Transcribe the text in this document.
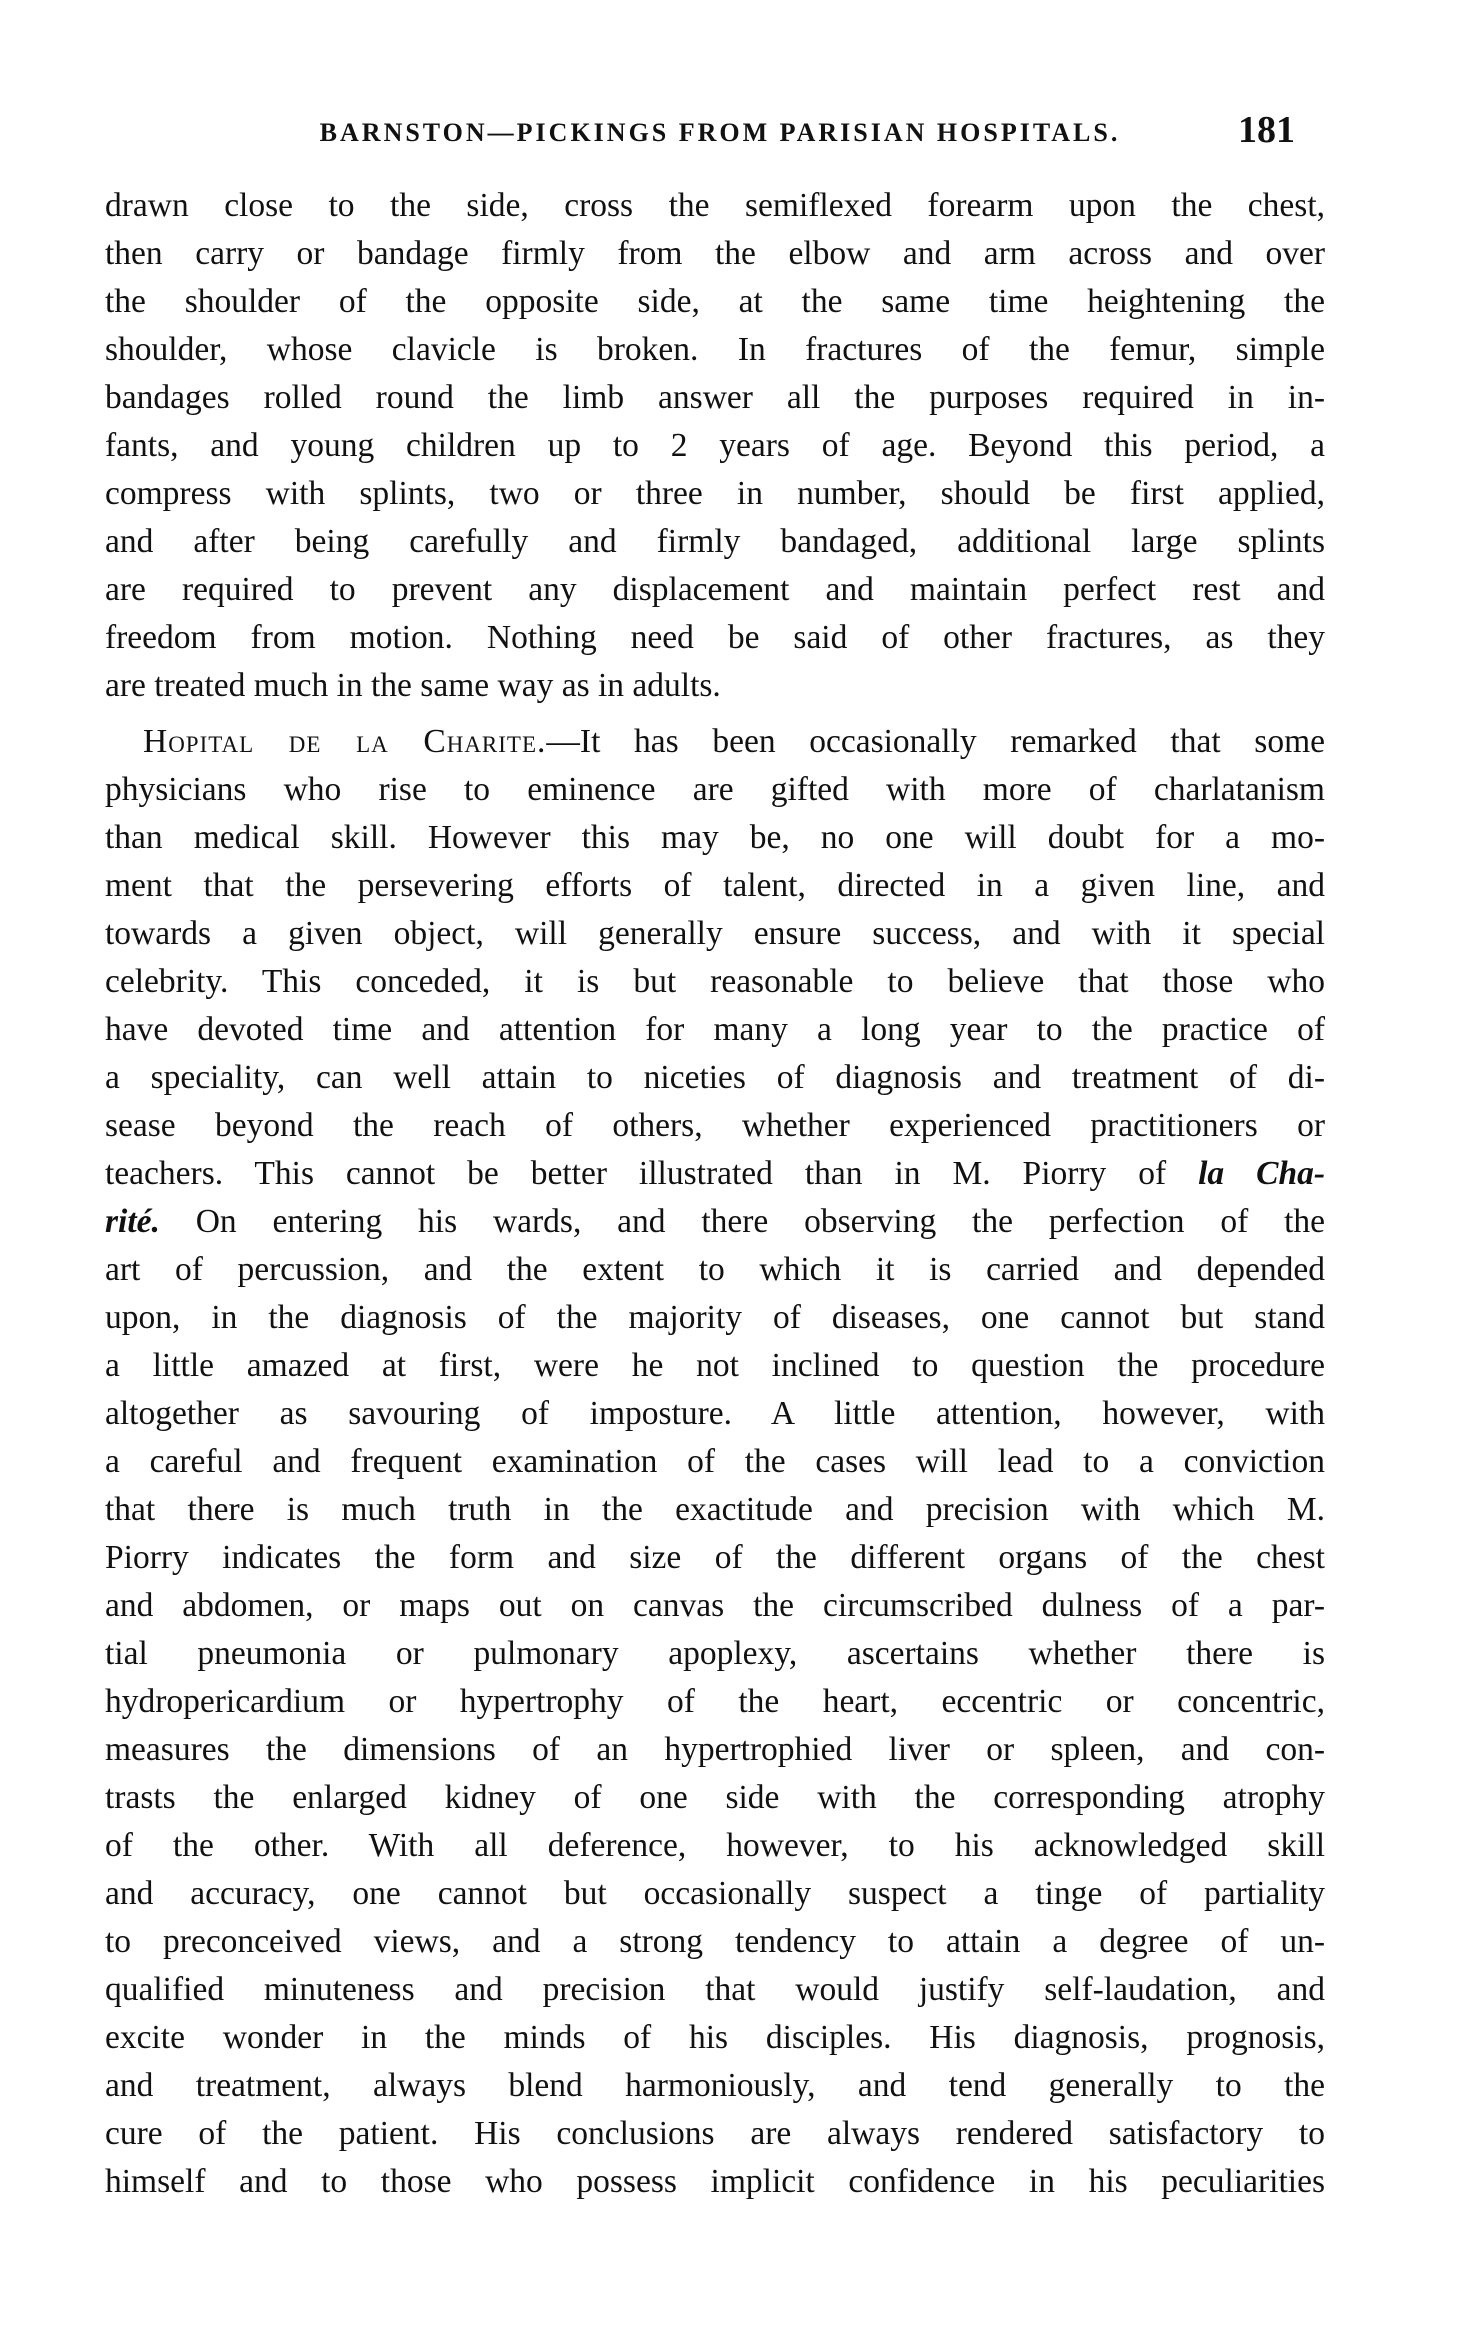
BARNSTON—PICKINGS FROM PARISIAN HOSPITALS.	181
drawn close to the side, cross the semiflexed forearm upon the chest,
then carry or bandage firmly from the elbow and arm across and over
the shoulder of the opposite side, at the same time heightening the
shoulder, whose clavicle is broken. In fractures of the femur, simple
bandages rolled round the limb answer all the purposes required in in-
fants, and young children up to 2 years of age. Beyond this period, a
compress with splints, two or three in number, should be first applied,
and after being carefully and firmly bandaged, additional large splints
are required to prevent any displacement and maintain perfect rest and
freedom from motion. Nothing need be said of other fractures, as they
are treated much in the same way as in adults.
Hopital de la Charite.—It has been occasionally remarked that some
physicians who rise to eminence are gifted with more of charlatanism
than medical skill. However this may be, no one will doubt for a mo-
ment that the persevering efforts of talent, directed in a given line, and
towards a given object, will generally ensure success, and with it special
celebrity. This conceded, it is but reasonable to believe that those who
have devoted time and attention for many a long year to the practice of
a speciality, can well attain to niceties of diagnosis and treatment of di-
sease beyond the reach of others, whether experienced practitioners or
teachers. This cannot be better illustrated than in M. Piorry of la Cha-
rité. On entering his wards, and there observing the perfection of the
art of percussion, and the extent to which it is carried and depended
upon, in the diagnosis of the majority of diseases, one cannot but stand
a little amazed at first, were he not inclined to question the procedure
altogether as savouring of imposture. A little attention, however, with
a careful and frequent examination of the cases will lead to a conviction
that there is much truth in the exactitude and precision with which M.
Piorry indicates the form and size of the different organs of the chest
and abdomen, or maps out on canvas the circumscribed dulness of a par-
tial pneumonia or pulmonary apoplexy, ascertains whether there is
hydropericardium or hypertrophy of the heart, eccentric or concentric,
measures the dimensions of an hypertrophied liver or spleen, and con-
trasts the enlarged kidney of one side with the corresponding atrophy
of the other. With all deference, however, to his acknowledged skill
and accuracy, one cannot but occasionally suspect a tinge of partiality
to preconceived views, and a strong tendency to attain a degree of un-
qualified minuteness and precision that would justify self-laudation, and
excite wonder in the minds of his disciples. His diagnosis, prognosis,
and treatment, always blend harmoniously, and tend generally to the
cure of the patient. His conclusions are always rendered satisfactory to
himself and to those who possess implicit confidence in his peculiarities
